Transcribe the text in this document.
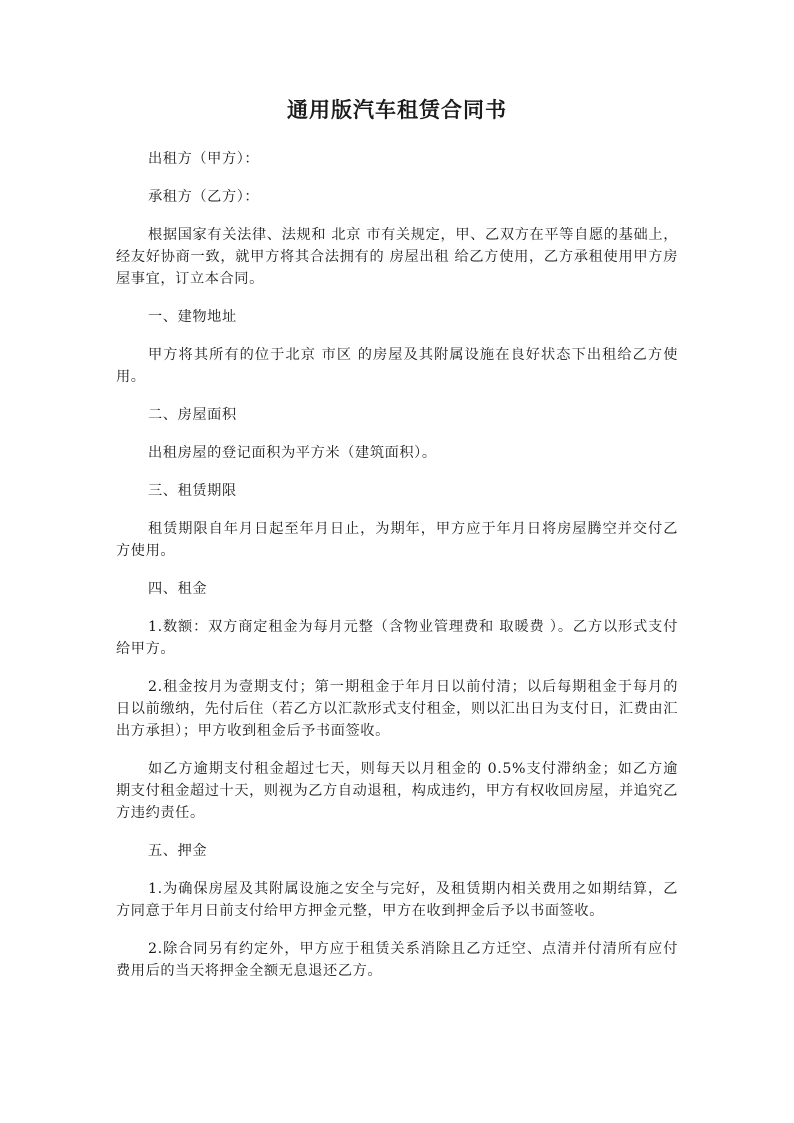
通用版汽车租赁合同书

出租方（甲方）：

承租方（乙方）：

根据国家有关法律、法规和 北京 市有关规定，甲、乙双方在平等自愿的基础上，经友好协商一致，就甲方将其合法拥有的 房屋出租 给乙方使用，乙方承租使用甲方房屋事宜，订立本合同。

一、建物地址

甲方将其所有的位于北京 市区 的房屋及其附属设施在良好状态下出租给乙方使用。

二、房屋面积

出租房屋的登记面积为平方米（建筑面积）。

三、租赁期限

租赁期限自年月日起至年月日止，为期年，甲方应于年月日将房屋腾空并交付乙方使用。

四、租金

1.数额：双方商定租金为每月元整（含物业管理费和 取暖费 ）。乙方以形式支付给甲方。

2.租金按月为壹期支付；第一期租金于年月日以前付清；以后每期租金于每月的日以前缴纳，先付后住（若乙方以汇款形式支付租金，则以汇出日为支付日，汇费由汇出方承担）；甲方收到租金后予书面签收。

如乙方逾期支付租金超过七天，则每天以月租金的 0.5%支付滞纳金；如乙方逾期支付租金超过十天，则视为乙方自动退租，构成违约，甲方有权收回房屋，并追究乙方违约责任。

五、押金

1.为确保房屋及其附属设施之安全与完好，及租赁期内相关费用之如期结算，乙方同意于年月日前支付给甲方押金元整，甲方在收到押金后予以书面签收。

2.除合同另有约定外，甲方应于租赁关系消除且乙方迁空、点清并付清所有应付费用后的当天将押金全额无息退还乙方。
